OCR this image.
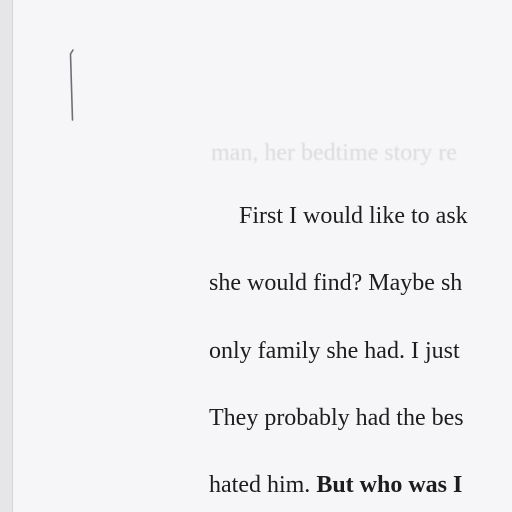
man, her bedtime story re
First I would like to ask
she would find? Maybe sh
only family she had. I just
They probably had the bes
hated him. But who was I
